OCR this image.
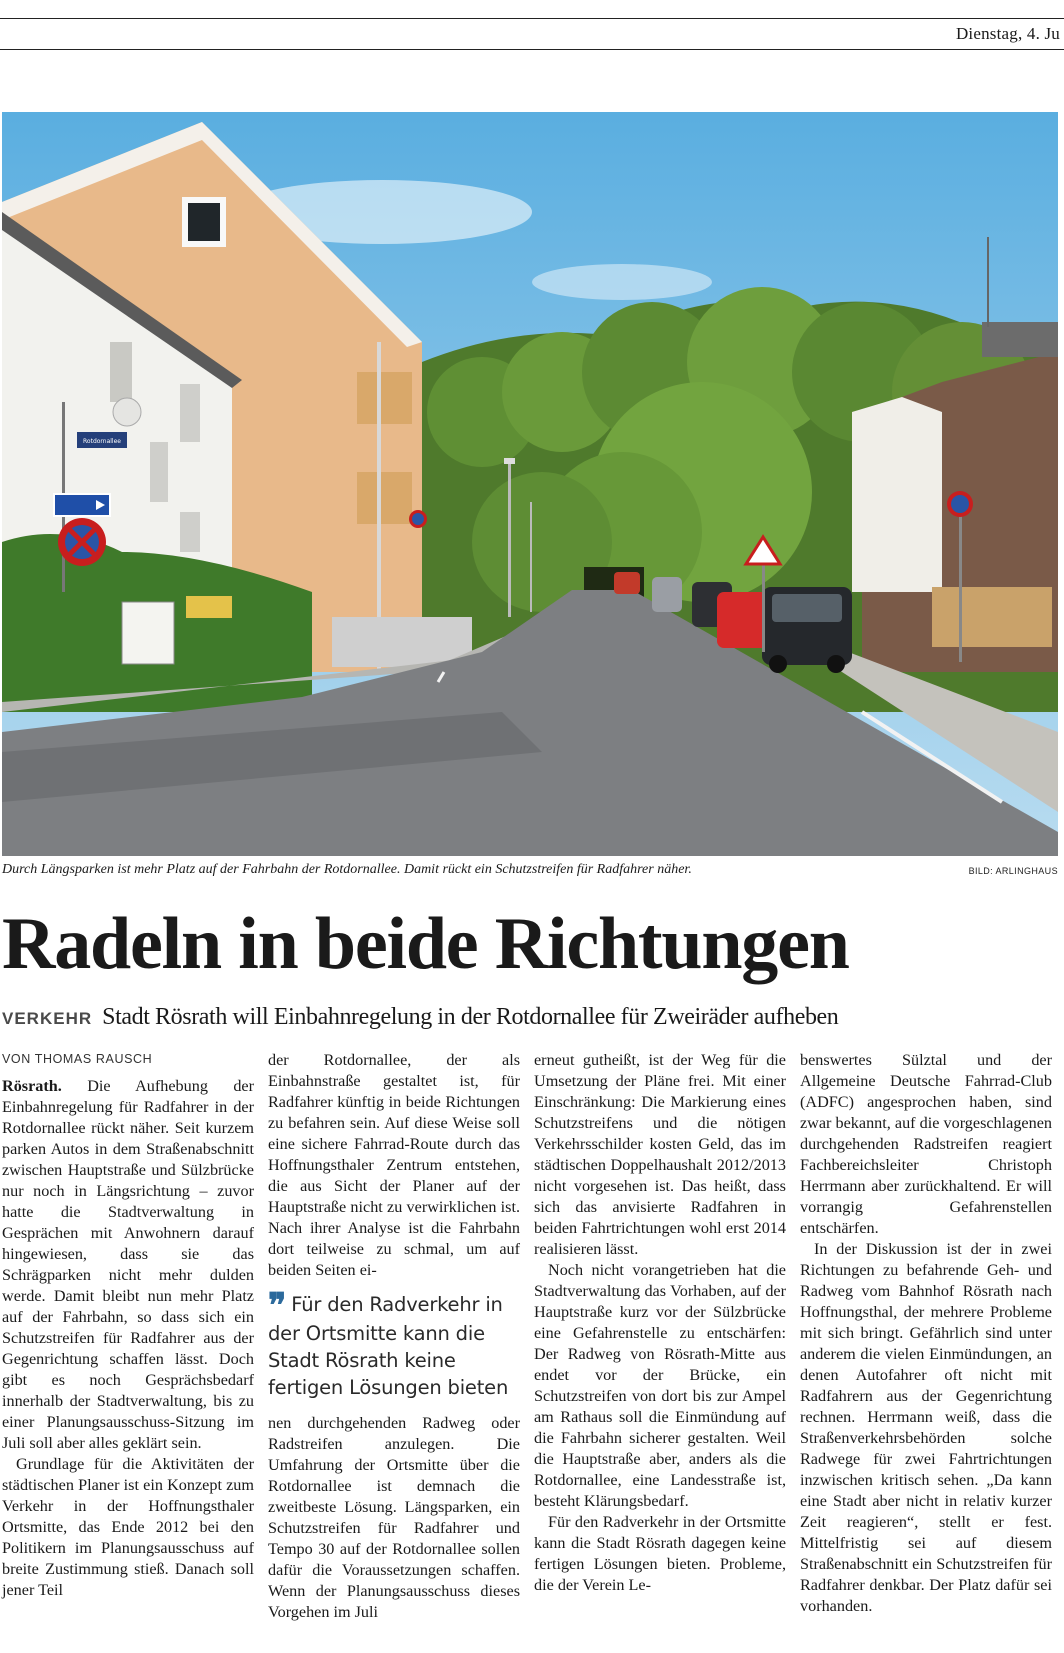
Dienstag, 4. Ju
Rotdornallee
Durch Längsparken ist mehr Platz auf der Fahrbahn der Rotdornallee. Damit rückt ein Schutzstreifen für Radfahrer näher.	BILD: ARLINGHAUS
Radeln in beide Richtungen
VERKEHR Stadt Rösrath will Einbahnregelung in der Rotdornallee für Zweiräder aufheben

VON THOMAS RAUSCH

Rösrath. Die Aufhebung der Einbahnregelung für Radfahrer in der Rotdornallee rückt näher. Seit kurzem parken Autos in dem Straßenabschnitt zwischen Hauptstraße und Sülzbrücke nur noch in Längsrichtung – zuvor hatte die Stadtverwaltung in Gesprächen mit Anwohnern darauf hingewiesen, dass sie das Schrägparken nicht mehr dulden werde. Damit bleibt nun mehr Platz auf der Fahrbahn, so dass sich ein Schutzstreifen für Radfahrer aus der Gegenrichtung schaffen lässt. Doch gibt es noch Gesprächsbedarf innerhalb der Stadtverwaltung, bis zu einer Planungsausschuss-Sitzung im Juli soll aber alles geklärt sein.

Grundlage für die Aktivitäten der städtischen Planer ist ein Konzept zum Verkehr in der Hoffnungsthaler Ortsmitte, das Ende 2012 bei den Politikern im Planungsausschuss auf breite Zustimmung stieß. Danach soll jener Teil

der Rotdornallee, der als Einbahnstraße gestaltet ist, für Radfahrer künftig in beide Richtungen zu befahren sein. Auf diese Weise soll eine sichere Fahrrad-Route durch das Hoffnungsthaler Zentrum entstehen, die aus Sicht der Planer auf der Hauptstraße nicht zu verwirklichen ist. Nach ihrer Analyse ist die Fahrbahn dort teilweise zu schmal, um auf beiden Seiten ei-

❞ Für den Radverkehr in der Ortsmitte kann die Stadt Rösrath keine fertigen Lösungen bieten

nen durchgehenden Radweg oder Radstreifen anzulegen. Die Umfahrung der Ortsmitte über die Rotdornallee ist demnach die zweitbeste Lösung. Längsparken, ein Schutzstreifen für Radfahrer und Tempo 30 auf der Rotdornallee sollen dafür die Voraussetzungen schaffen. Wenn der Planungsausschuss dieses Vorgehen im Juli

erneut gutheißt, ist der Weg für die Umsetzung der Pläne frei. Mit einer Einschränkung: Die Markierung eines Schutzstreifens und die nötigen Verkehrsschilder kosten Geld, das im städtischen Doppelhaushalt 2012/2013 nicht vorgesehen ist. Das heißt, dass sich das anvisierte Radfahren in beiden Fahrtrichtungen wohl erst 2014 realisieren lässt.

Noch nicht vorangetrieben hat die Stadtverwaltung das Vorhaben, auf der Hauptstraße kurz vor der Sülzbrücke eine Gefahrenstelle zu entschärfen: Der Radweg von Rösrath-Mitte aus endet vor der Brücke, ein Schutzstreifen von dort bis zur Ampel am Rathaus soll die Einmündung auf die Fahrbahn sicherer gestalten. Weil die Hauptstraße aber, anders als die Rotdornallee, eine Landesstraße ist, besteht Klärungsbedarf.

Für den Radverkehr in der Ortsmitte kann die Stadt Rösrath dagegen keine fertigen Lösungen bieten. Probleme, die der Verein Le-

benswertes Sülztal und der Allgemeine Deutsche Fahrrad-Club (ADFC) angesprochen haben, sind zwar bekannt, auf die vorgeschlagenen durchgehenden Radstreifen reagiert Fachbereichsleiter Christoph Herrmann aber zurückhaltend. Er will vorrangig Gefahrenstellen entschärfen.

In der Diskussion ist der in zwei Richtungen zu befahrende Geh- und Radweg vom Bahnhof Rösrath nach Hoffnungsthal, der mehrere Probleme mit sich bringt. Gefährlich sind unter anderem die vielen Einmündungen, an denen Autofahrer oft nicht mit Radfahrern aus der Gegenrichtung rechnen. Herrmann weiß, dass die Straßenverkehrsbehörden solche Radwege für zwei Fahrtrichtungen inzwischen kritisch sehen. „Da kann eine Stadt aber nicht in relativ kurzer Zeit reagieren“, stellt er fest. Mittelfristig sei auf diesem Straßenabschnitt ein Schutzstreifen für Radfahrer denkbar. Der Platz dafür sei vorhanden.
